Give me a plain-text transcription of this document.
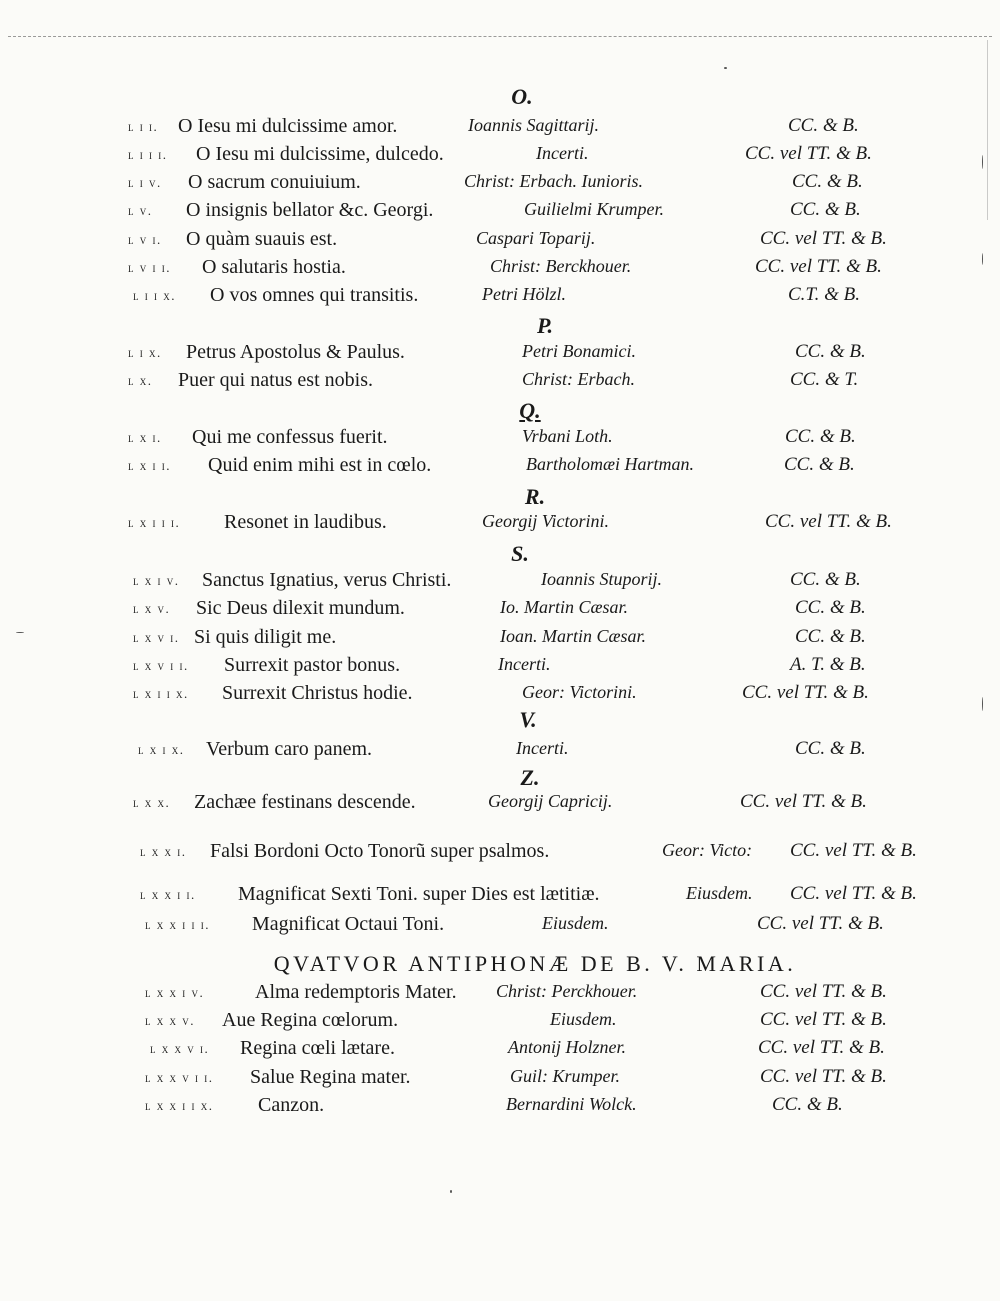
O.
P.
Q.
R.
S.
V.
Z.
l i i. O Iesu mi dulcissime amor.	Ioannis Sagittarij.	CC. & B.
l i i i. O Iesu mi dulcissime, dulcedo.	Incerti.	CC. vel TT. & B.
l i v. O sacrum conuiuium.	Christ: Erbach. Iunioris.	CC. & B.
l v. O insignis bellator &c. Georgi.	Guilielmi Krumper.	CC. & B.
l v i. O quàm suauis est.	Caspari Toparij.	CC. vel TT. & B.
l v i i. O salutaris hostia.	Christ: Berckhouer.	CC. vel TT. & B.
l i i x. O vos omnes qui transitis.	Petri Hölzl.	C.T. & B.
l i x. Petrus Apostolus & Paulus.	Petri Bonamici.	CC. & B.
l x. Puer qui natus est nobis.	Christ: Erbach.	CC. & T.
l x i. Qui me confessus fuerit.	Vrbani Loth.	CC. & B.
l x i i. Quid enim mihi est in cœlo.	Bartholomæi Hartman.	CC. & B.
l x i i i. Resonet in laudibus.	Georgij Victorini.	CC. vel TT. & B.
l x i v. Sanctus Ignatius, verus Christi.	Ioannis Stuporij.	CC. & B.
l x v. Sic Deus dilexit mundum.	Io. Martin Cæsar.	CC. & B.
l x v i. Si quis diligit me.	Ioan. Martin Cæsar.	CC. & B.
l x v i i. Surrexit pastor bonus.	Incerti.	A. T. & B.
l x i i x. Surrexit Christus hodie.	Geor: Victorini.	CC. vel TT. & B.
l x i x. Verbum caro panem.	Incerti.	CC. & B.
l x x. Zachæe festinans descende.	Georgij Capricij.	CC. vel TT. & B.
l x x i. Falsi Bordoni Octo Tonorũ super psalmos.	Geor: Victo: CC. vel TT. & B.
l x x i i. Magnificat Sexti Toni. super Dies est lætitiæ.	Eiusdem. CC. vel TT. & B.
l x x i i i. Magnificat Octaui Toni.	Eiusdem.	CC. vel TT. & B.
QVATVOR ANTIPHONÆ DE B. V. MARIA.
l x x i v.	Alma redemptoris Mater. Christ: Perckhouer.	CC. vel TT. & B.
l x x v. Aue Regina cœlorum.	Eiusdem.	CC. vel TT. & B.
l x x v i. Regina cœli lætare.	Antonij Holzner.	CC. vel TT. & B.
l x x v i i. Salue Regina mater.	Guil: Krumper.	CC. vel TT. & B.
l x x i i x. Canzon.	Bernardini Wolck.	CC. & B.
